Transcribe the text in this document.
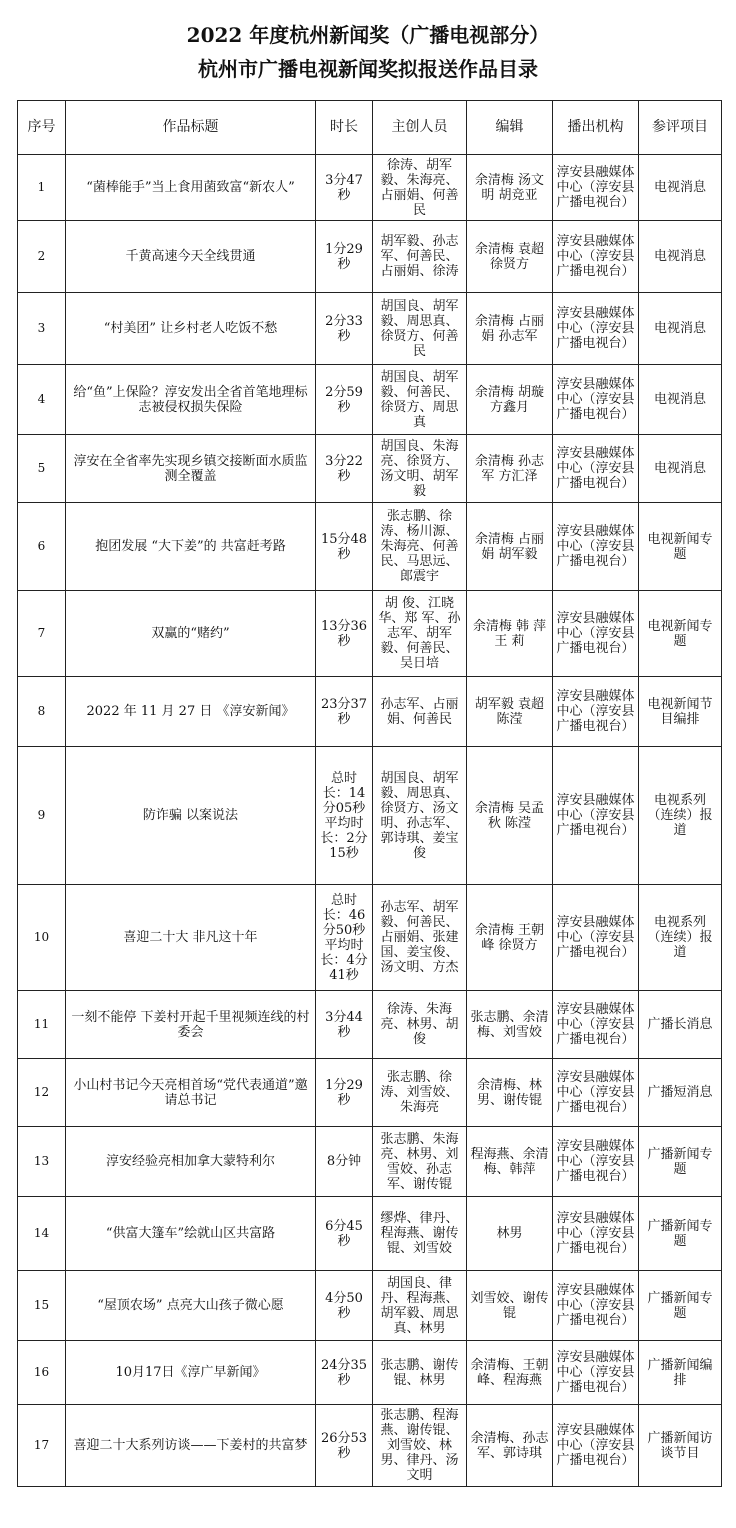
2022 年度杭州新闻奖（广播电视部分）
杭州市广播电视新闻奖拟报送作品目录
序号	作品标题	时长	主创人员	编辑	播出机构	参评项目
1	“菌棒能手”当上食用菌致富“新农人”	3分47秒	徐涛、胡军毅、朱海亮、占丽娟、何善民	余清梅 汤文明 胡竞亚	淳安县融媒体中心（淳安县广播电视台）	电视消息
2	千黄高速今天全线贯通	1分29秒	胡军毅、孙志军、何善民、占丽娟、徐涛	余清梅 袁超 徐贤方	淳安县融媒体中心（淳安县广播电视台）	电视消息
3	“村美团” 让乡村老人吃饭不愁	2分33秒	胡国良、胡军毅、周思真、徐贤方、何善民	余清梅 占丽娟 孙志军	淳安县融媒体中心（淳安县广播电视台）	电视消息
4	给“鱼”上保险？淳安发出全省首笔地理标志被侵权损失保险	2分59秒	胡国良、胡军毅、何善民、徐贤方、周思真	余清梅 胡璇 方鑫月	淳安县融媒体中心（淳安县广播电视台）	电视消息
5	淳安在全省率先实现乡镇交接断面水质监测全覆盖	3分22秒	胡国良、朱海亮、徐贤方、汤文明、胡军毅	余清梅 孙志军 方汇泽	淳安县融媒体中心（淳安县广播电视台）	电视消息
6	抱团发展 “大下姜”的 共富赶考路	15分48秒	张志鹏、徐涛、杨川源、朱海亮、何善民、马思远、郎震宇	余清梅 占丽娟 胡军毅	淳安县融媒体中心（淳安县广播电视台）	电视新闻专题
7	双赢的“赌约”	13分36秒	胡 俊、江晓华、郑 军、孙志军、胡军毅、何善民、吴日培	余清梅 韩 萍 王 莉	淳安县融媒体中心（淳安县广播电视台）	电视新闻专题
8	2022 年 11 月 27 日 《淳安新闻》	23分37秒	孙志军、占丽娟、何善民	胡军毅 袁超 陈滢	淳安县融媒体中心（淳安县广播电视台）	电视新闻节目编排
9	防诈骗 以案说法	总时长：14分05秒 平均时长：2分15秒	胡国良、胡军毅、周思真、徐贤方、汤文明、孙志军、郭诗琪、姜宝俊	余清梅 吴孟秋 陈滢	淳安县融媒体中心（淳安县广播电视台）	电视系列（连续）报道
10	喜迎二十大 非凡这十年	总时长：46分50秒 平均时长：4分41秒	孙志军、胡军毅、何善民、占丽娟、张建国、姜宝俊、汤文明、方杰	余清梅 王朝峰 徐贤方	淳安县融媒体中心（淳安县广播电视台）	电视系列（连续）报道
11	一刻不能停 下姜村开起千里视频连线的村委会	3分44秒	徐涛、朱海亮、林男、胡俊	张志鹏、余清梅、刘雪姣	淳安县融媒体中心（淳安县广播电视台）	广播长消息
12	小山村书记今天亮相首场“党代表通道”邀请总书记	1分29秒	张志鹏、徐涛、刘雪姣、朱海亮	余清梅、林男、谢传锟	淳安县融媒体中心（淳安县广播电视台）	广播短消息
13	淳安经验亮相加拿大蒙特利尔	8分钟	张志鹏、朱海亮、林男、刘雪姣、孙志军、谢传锟	程海燕、余清梅、韩萍	淳安县融媒体中心（淳安县广播电视台）	广播新闻专题
14	“供富大篷车”绘就山区共富路	6分45秒	缪烨、律丹、程海燕、谢传锟、刘雪姣	林男	淳安县融媒体中心（淳安县广播电视台）	广播新闻专题
15	“屋顶农场” 点亮大山孩子微心愿	4分50秒	胡国良、律丹、程海燕、胡军毅、周思真、林男	刘雪姣、谢传锟	淳安县融媒体中心（淳安县广播电视台）	广播新闻专题
16	10月17日《淳广早新闻》	24分35秒	张志鹏、谢传锟、林男	余清梅、王朝峰、程海燕	淳安县融媒体中心（淳安县广播电视台）	广播新闻编排
17	喜迎二十大系列访谈——下姜村的共富梦	26分53秒	张志鹏、程海燕、谢传锟、刘雪姣、林男、律丹、汤文明	余清梅、孙志军、郭诗琪	淳安县融媒体中心（淳安县广播电视台）	广播新闻访谈节目
